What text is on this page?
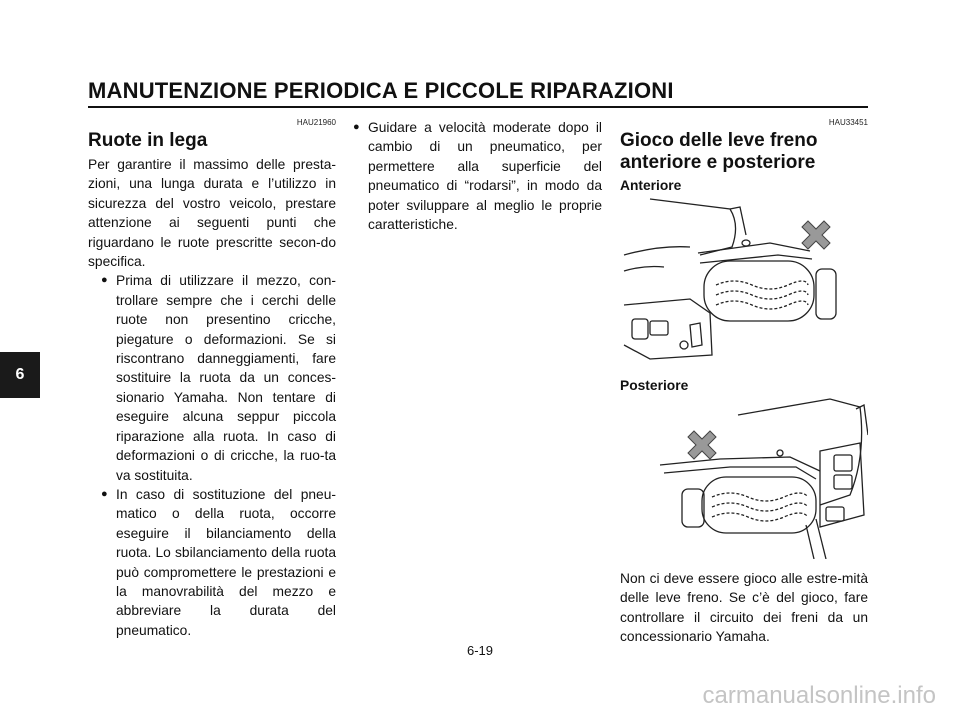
MANUTENZIONE PERIODICA E PICCOLE RIPARAZIONI
6
HAU21960
Ruote in lega

Per garantire il massimo delle presta-zioni, una lunga durata e l’utilizzo in sicurezza del vostro veicolo, prestare attenzione ai seguenti punti che riguardano le ruote prescritte secon-do specifica.

● Prima di utilizzare il mezzo, con-trollare sempre che i cerchi delle ruote non presentino cricche, piegature o deformazioni. Se si riscontrano danneggiamenti, fare sostituire la ruota da un conces-sionario Yamaha. Non tentare di eseguire alcuna seppur piccola riparazione alla ruota. In caso di deformazioni o di cricche, la ruo-ta va sostituita.
● In caso di sostituzione del pneu-matico o della ruota, occorre eseguire il bilanciamento della ruota. Lo sbilanciamento della ruota può compromettere le prestazioni e la manovrabilità del mezzo e abbreviare la durata del pneumatico.
● Guidare a velocità moderate dopo il cambio di un pneumatico, per permettere alla superficie del pneumatico di “rodarsi”, in modo da poter sviluppare al meglio le proprie caratteristiche.
HAU33451
Gioco delle leve freno anteriore e posteriore
Anteriore
Posteriore

Non ci deve essere gioco alle estre-mità delle leve freno. Se c’è del gioco, fare controllare il circuito dei freni da un concessionario Yamaha.

6-19
carmanualsonline.info
